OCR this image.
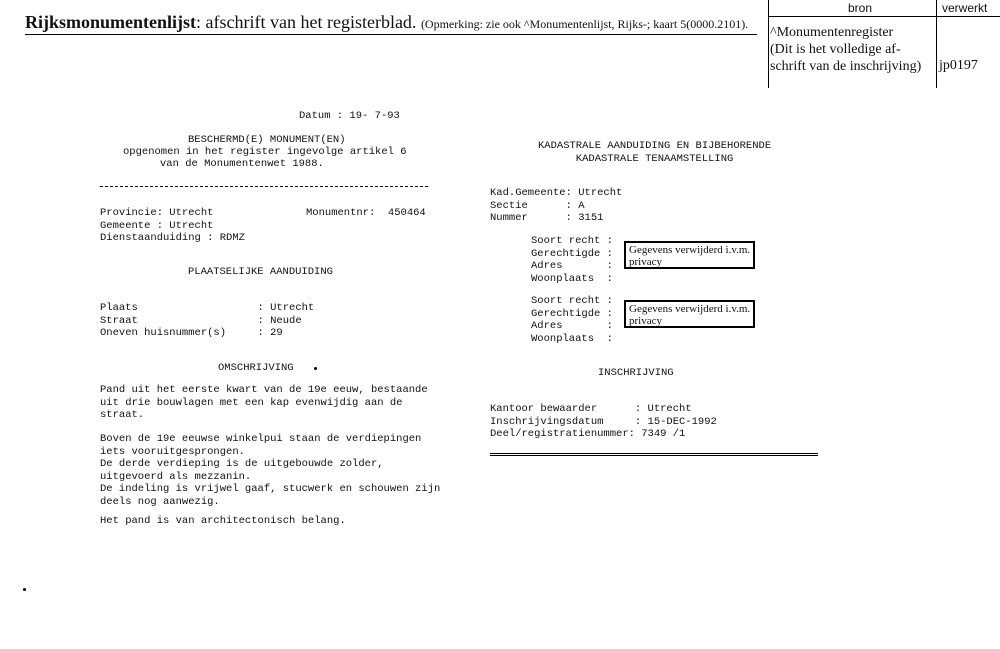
Rijksmonumentenlijst: afschrift van het registerblad. (Opmerking: zie ook ^Monumentenlijst, Rijks-; kaart 5(0000.2101).
bron	verwerkt
^Monumentenregister
(Dit is het volledige af-
schrift van de inschrijving) jp0197
Datum : 19- 7-93
BESCHERMD(E) MONUMENT(EN)
opgenomen in het register ingevolge artikel 6
van de Monumentenwet 1988.
Provincie: Utrecht
Gemeente : Utrecht
Dienstaanduiding : RDMZ
Monumentnr:  450464
PLAATSELIJKE AANDUIDING
Plaats                   : Utrecht
Straat                   : Neude
Oneven huisnummer(s)     : 29
OMSCHRIJVING
Pand uit het eerste kwart van de 19e eeuw, bestaande
uit drie bouwlagen met een kap evenwijdig aan de
straat.
Boven de 19e eeuwse winkelpui staan de verdiepingen
iets vooruitgesprongen.
De derde verdieping is de uitgebouwde zolder,
uitgevoerd als mezzanin.
De indeling is vrijwel gaaf, stucwerk en schouwen zijn
deels nog aanwezig.
Het pand is van architectonisch belang.
KADASTRALE AANDUIDING EN BIJBEHORENDE
KADASTRALE TENAAMSTELLING
Kad.Gemeente: Utrecht
Sectie      : A
Nummer      : 3151
Soort recht :
Gerechtigde :
Adres       :
Woonplaats  :
Gegevens verwijderd i.v.m.
privacy
Soort recht :
Gerechtigde :
Adres       :
Woonplaats  :
Gegevens verwijderd i.v.m.
privacy
INSCHRIJVING
Kantoor bewaarder      : Utrecht
Inschrijvingsdatum     : 15-DEC-1992
Deel/registratienummer: 7349 /1
